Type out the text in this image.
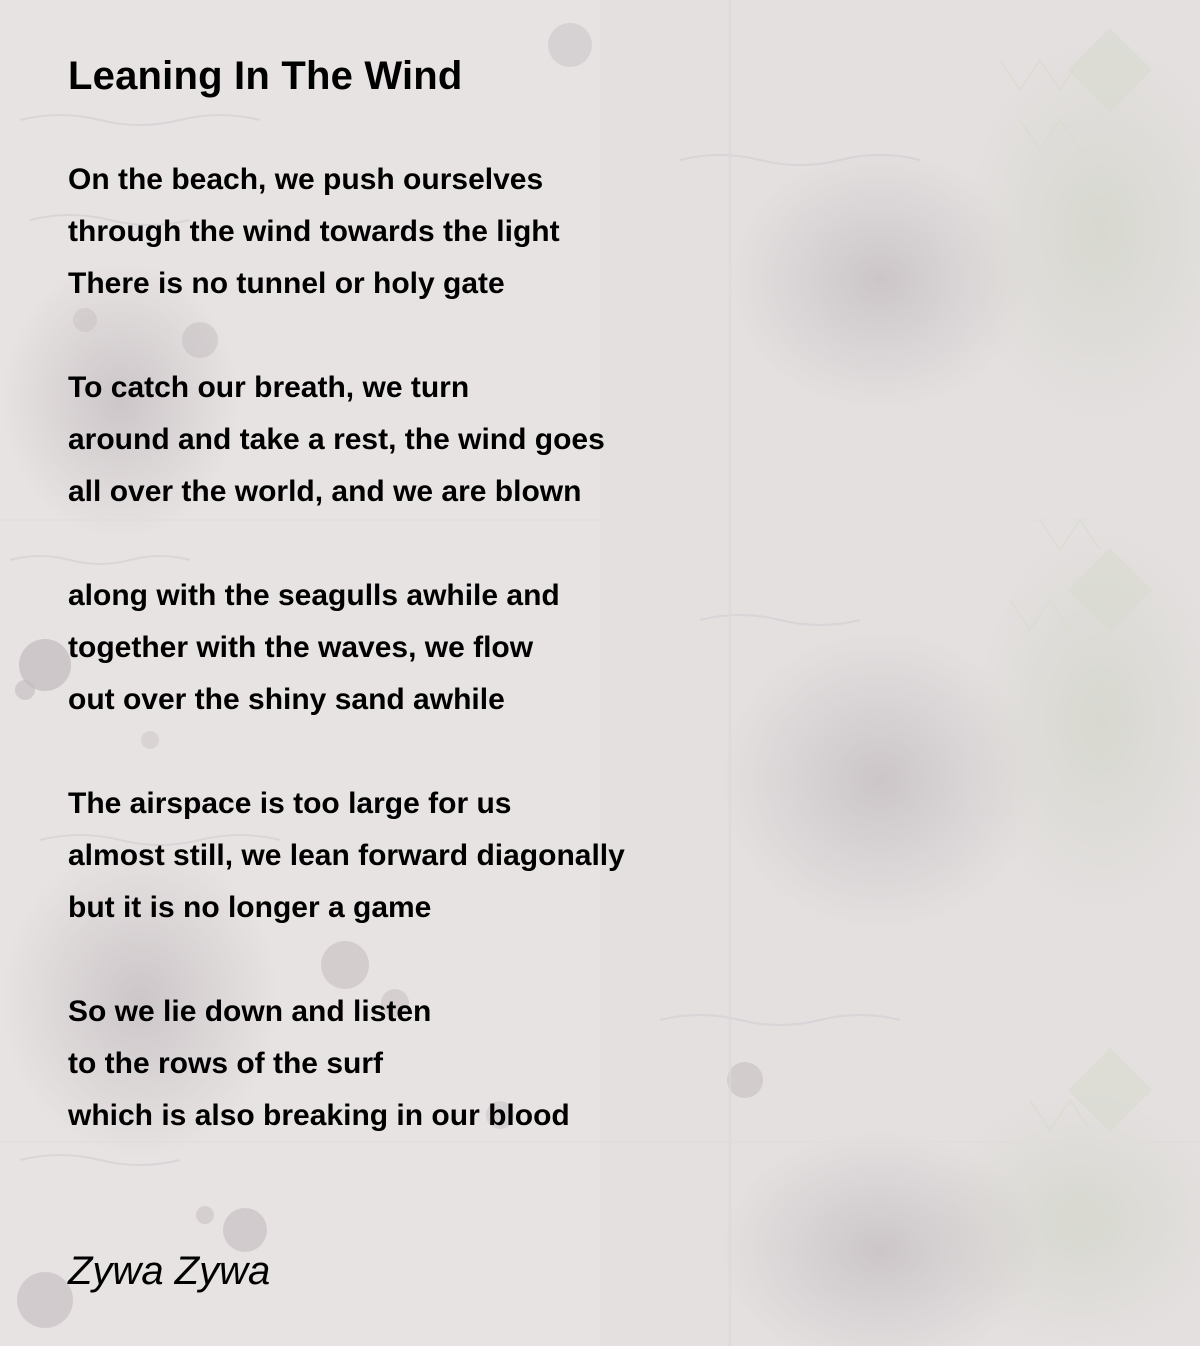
Leaning In The Wind
On the beach, we push ourselves
through the wind towards the light
There is no tunnel or holy gate
To catch our breath, we turn
around and take a rest, the wind goes
all over the world, and we are blown
along with the seagulls awhile and
together with the waves, we flow
out over the shiny sand awhile
The airspace is too large for us
almost still, we lean forward diagonally
but it is no longer a game
So we lie down and listen
to the rows of the surf
which is also breaking in our blood
Zywa Zywa
